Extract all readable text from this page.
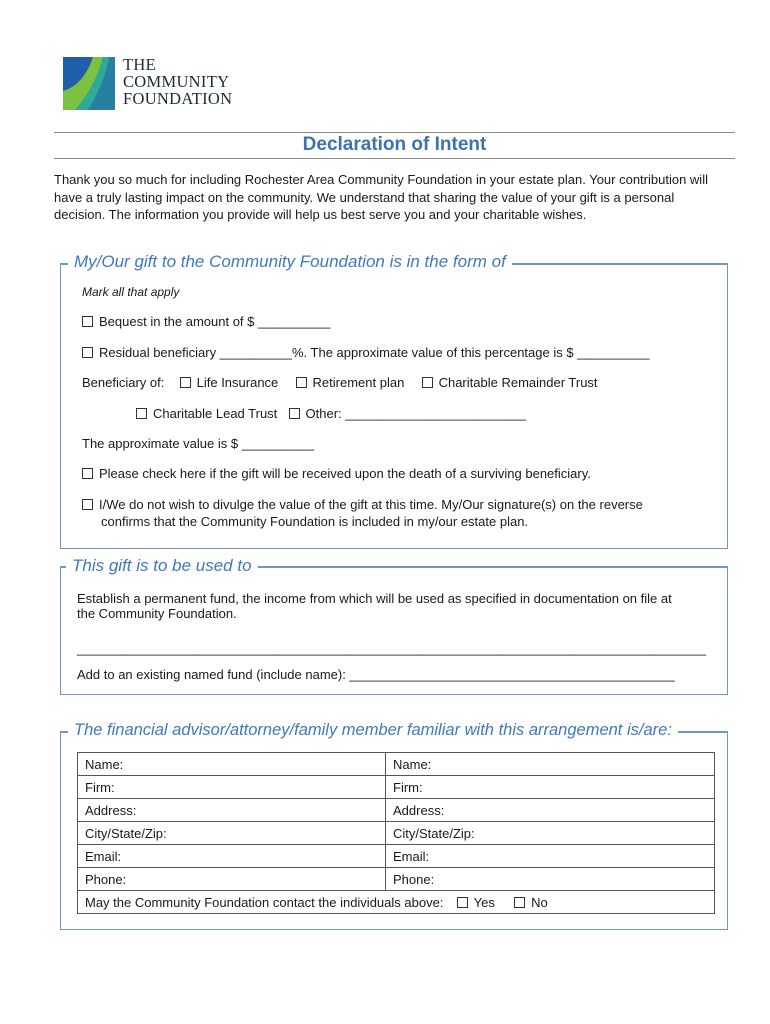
THE
COMMUNITY
FOUNDATION
Declaration of Intent
Thank you so much for including Rochester Area Community Foundation in your estate plan. Your contribution will have a truly lasting impact on the community. We understand that sharing the value of your gift is a personal decision. The information you provide will help us best serve you and your charitable wishes.
My/Our gift to the Community Foundation is in the form of
Mark all that apply
Bequest in the amount of $ __________
Residual beneficiary __________%. The approximate value of this percentage is $ __________
Beneficiary of: Life Insurance	Retirement plan	Charitable Remainder Trust
Charitable Lead Trust Other: _________________________
The approximate value is $ __________
Please check here if the gift will be received upon the death of a surviving beneficiary.
I/We do not wish to divulge the value of the gift at this time. My/Our signature(s) on the reverse
confirms that the Community Foundation is included in my/our estate plan.
This gift is to be used to
Establish a permanent fund, the income from which will be used as specified in documentation on file at
the Community Foundation.
_______________________________________________________________________________________
Add to an existing named fund (include name): _____________________________________________
The financial advisor/attorney/family member familiar with this arrangement is/are:
Name:	Name:
Firm:	Firm:
Address:	Address:
City/State/Zip:	City/State/Zip:
Email:	Email:
Phone:	Phone:
May the Community Foundation contact the individuals above: Yes No	
